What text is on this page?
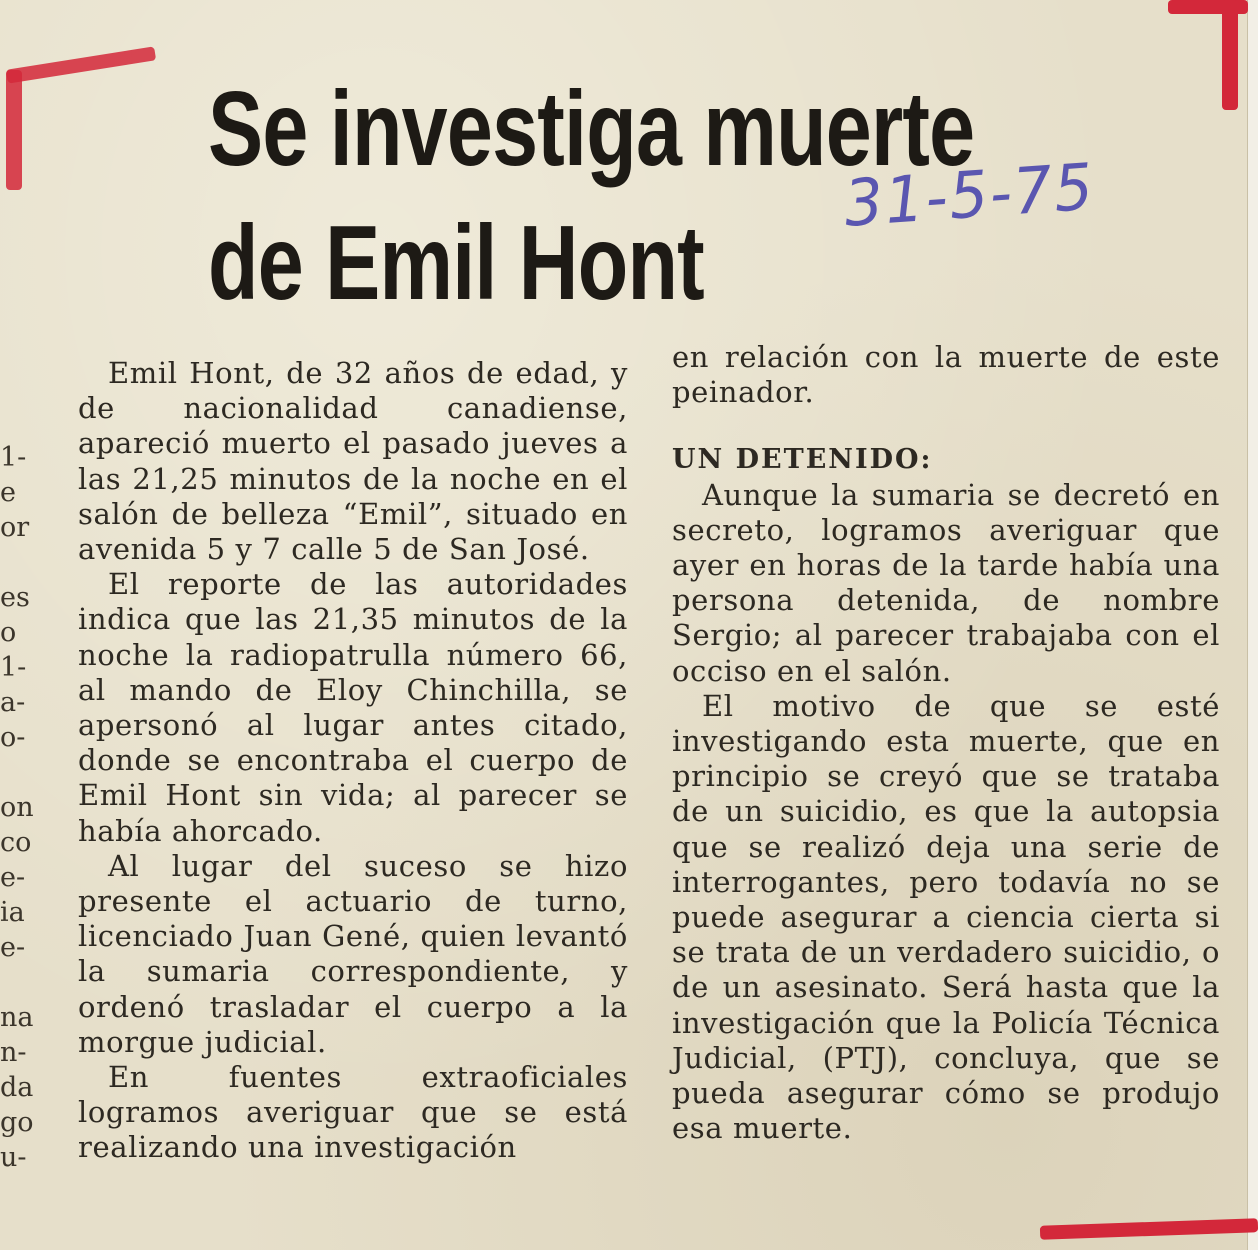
1-
e
or

es
o
1-
a-
o-

on
co
e-
ia
e-

na
n-
da
go
u-
Se investiga muerte
de Emil Hont
31-5-75

Emil Hont, de 32 años de edad, y de nacionalidad canadiense, apareció muerto el pasado jueves a las 21,25 minutos de la noche en el salón de belleza “Emil”, situado en avenida 5 y 7 calle 5 de San José.

El reporte de las autoridades indica que las 21,35 minutos de la noche la radiopatrulla número 66, al mando de Eloy Chinchilla, se apersonó al lugar antes citado, donde se encontraba el cuerpo de Emil Hont sin vida; al parecer se había ahorcado.

Al lugar del suceso se hizo presente el actuario de turno, licenciado Juan Gené, quien levantó la sumaria correspondiente, y ordenó trasladar el cuerpo a la morgue judicial.

En fuentes extraoficiales logramos averiguar que se está realizando una investigación

en relación con la muerte de este peinador.

UN DETENIDO:

Aunque la sumaria se decretó en secreto, logramos averiguar que ayer en horas de la tarde había una persona detenida, de nombre Sergio; al parecer trabajaba con el occiso en el salón.

El motivo de que se esté investigando esta muerte, que en principio se creyó que se trataba de un suicidio, es que la autopsia que se realizó deja una serie de interrogantes, pero todavía no se puede asegurar a ciencia cierta si se trata de un verdadero suicidio, o de un asesinato. Será hasta que la investigación que la Policía Técnica Judicial, (PTJ), concluya, que se pueda asegurar cómo se produjo esa muerte.
